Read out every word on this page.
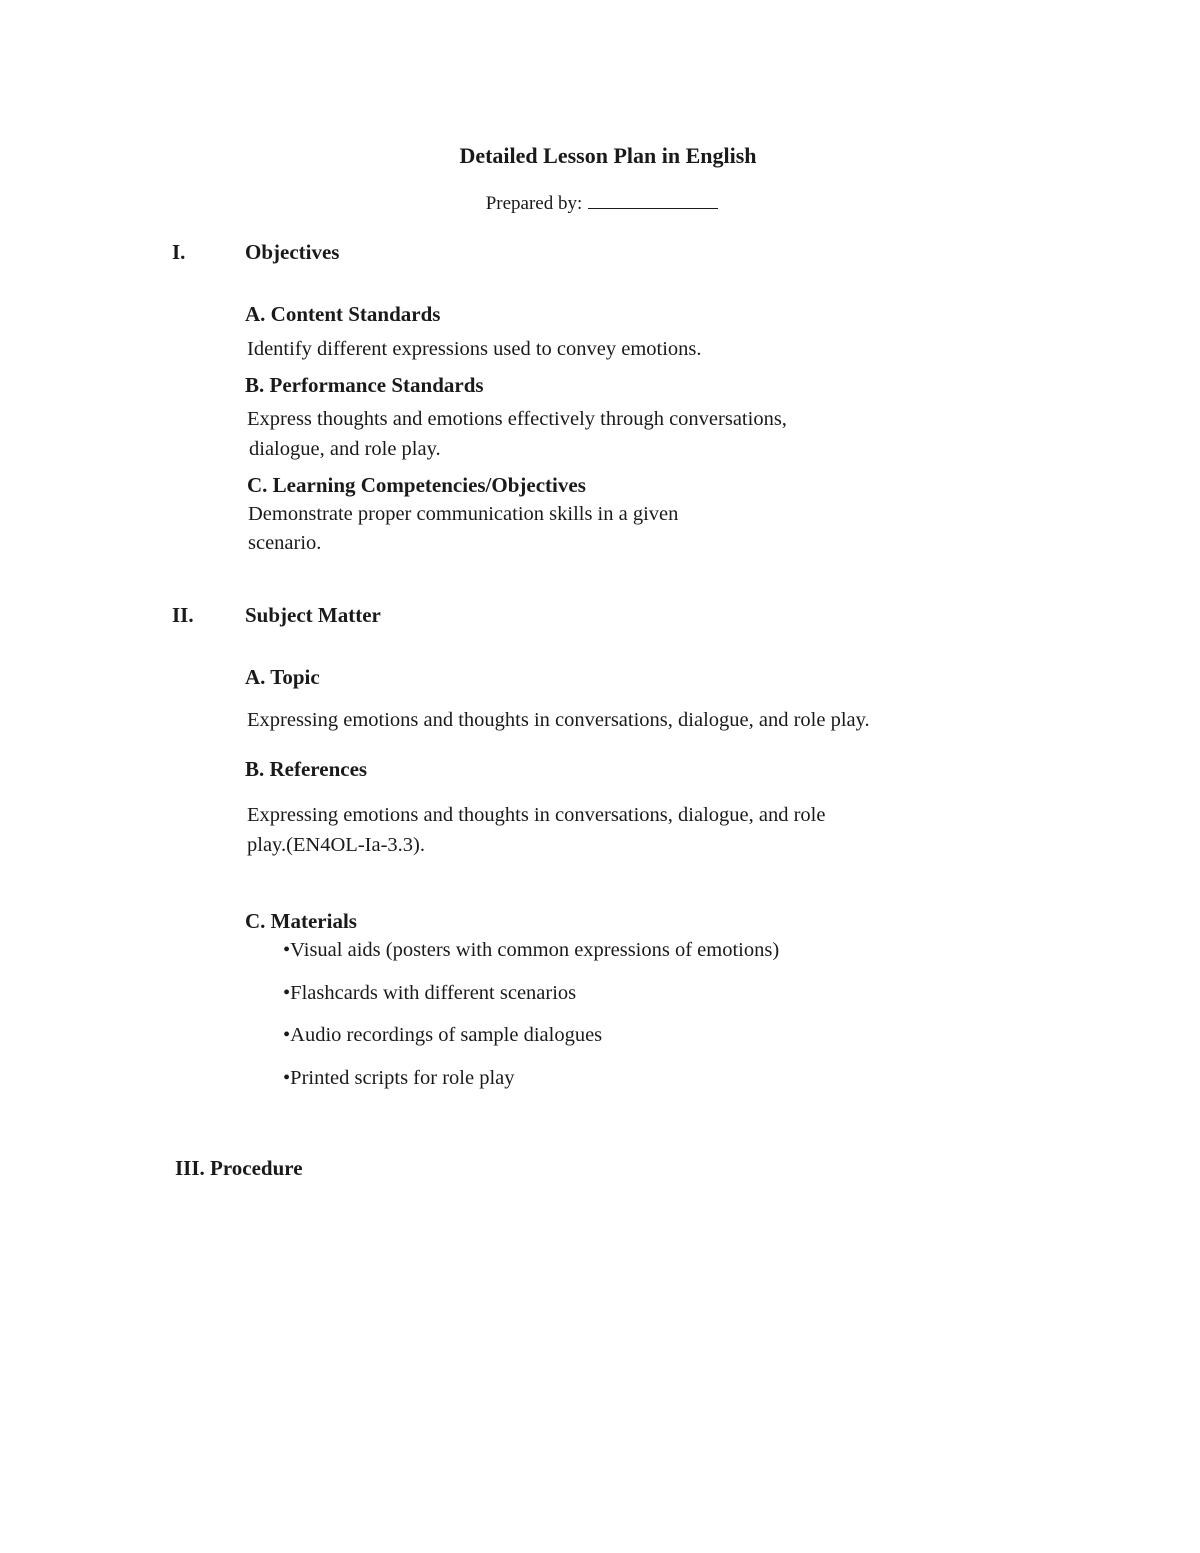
Detailed Lesson Plan in English
Prepared by:
I.	Objectives
A. Content Standards
Identify different expressions used to convey emotions.
B. Performance Standards
Express thoughts and emotions effectively through conversations,
dialogue, and role play.
C. Learning Competencies/Objectives
Demonstrate proper communication skills in a given
scenario.
II. Subject Matter
A. Topic
Expressing emotions and thoughts in conversations, dialogue, and role play.
B. References
Expressing emotions and thoughts in conversations, dialogue, and role
play.(EN4OL-Ia-3.3).
C. Materials
•Visual aids (posters with common expressions of emotions)
•Flashcards with different scenarios
•Audio recordings of sample dialogues
•Printed scripts for role play
III. Procedure
